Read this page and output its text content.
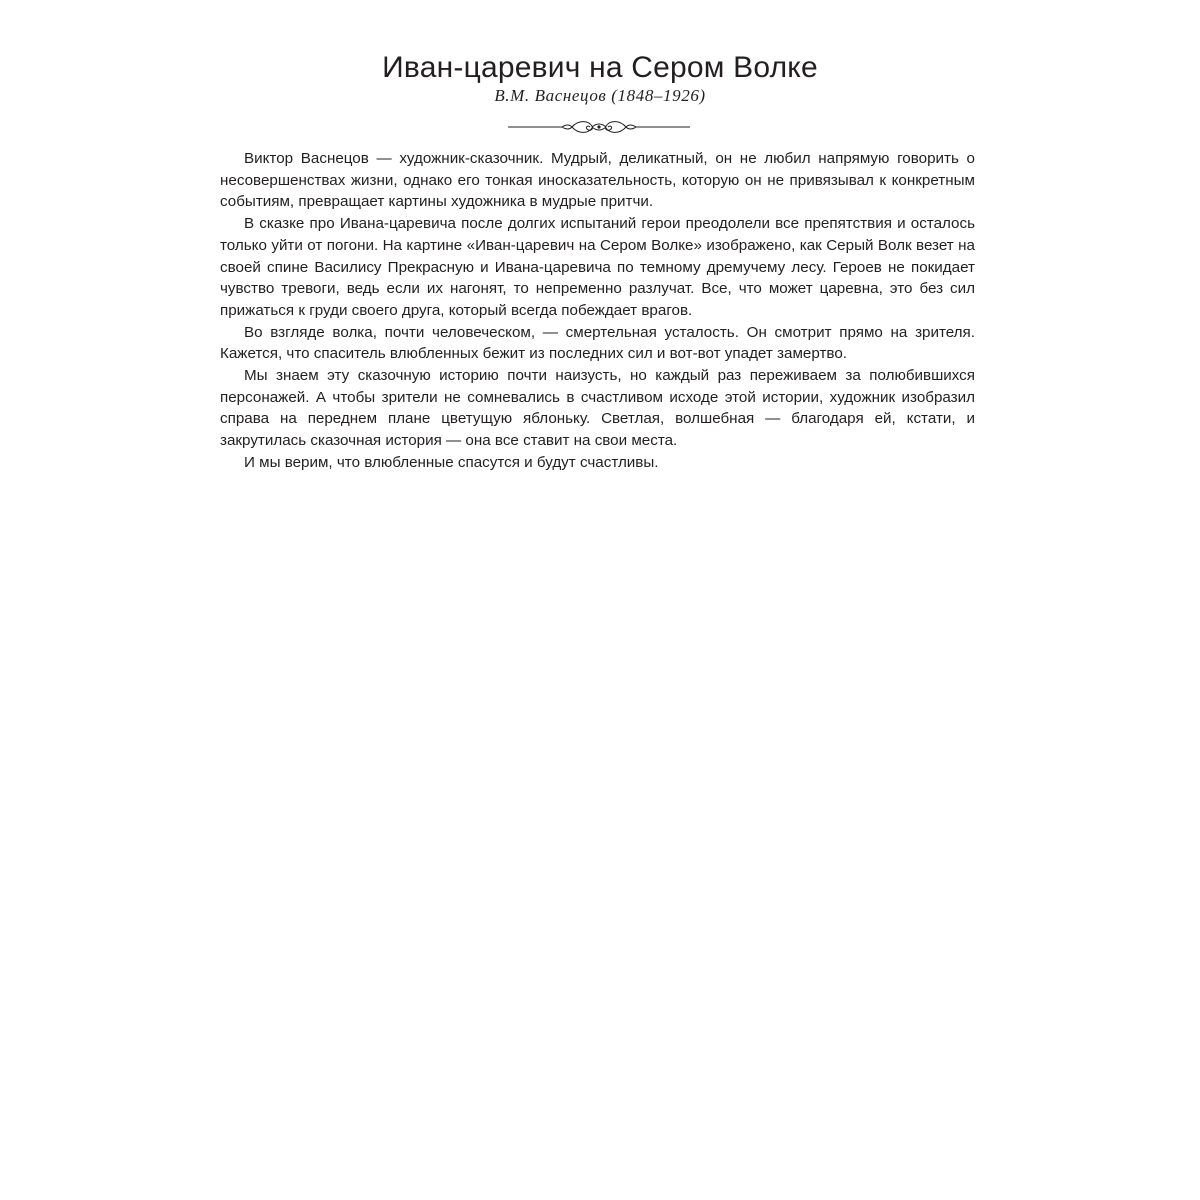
Иван-царевич на Сером Волке
В.М. Васнецов (1848–1926)

Виктор Васнецов — художник-сказочник. Мудрый, деликатный, он не любил напрямую говорить о несовершенствах жизни, однако его тонкая иносказательность, которую он не привязывал к конкретным событиям, превращает картины художника в мудрые притчи.

В сказке про Ивана-царевича после долгих испытаний герои преодолели все препятствия и осталось только уйти от погони. На картине «Иван-царевич на Сером Волке» изображено, как Серый Волк везет на своей спине Василису Прекрасную и Ивана-царевича по темному дремучему лесу. Героев не покидает чувство тревоги, ведь если их нагонят, то непременно разлучат. Все, что может царевна, это без сил прижаться к груди своего друга, который всегда побеждает врагов.

Во взгляде волка, почти человеческом, — смертельная усталость. Он смотрит прямо на зрителя. Кажется, что спаситель влюбленных бежит из последних сил и вот-вот упадет замертво.

Мы знаем эту сказочную историю почти наизусть, но каждый раз переживаем за полюбившихся персонажей. А чтобы зрители не сомневались в счастливом исходе этой истории, художник изобразил справа на переднем плане цветущую яблоньку. Светлая, волшебная — благодаря ей, кстати, и закрутилась сказочная история — она все ставит на свои места.

И мы верим, что влюбленные спасутся и будут счастливы.
